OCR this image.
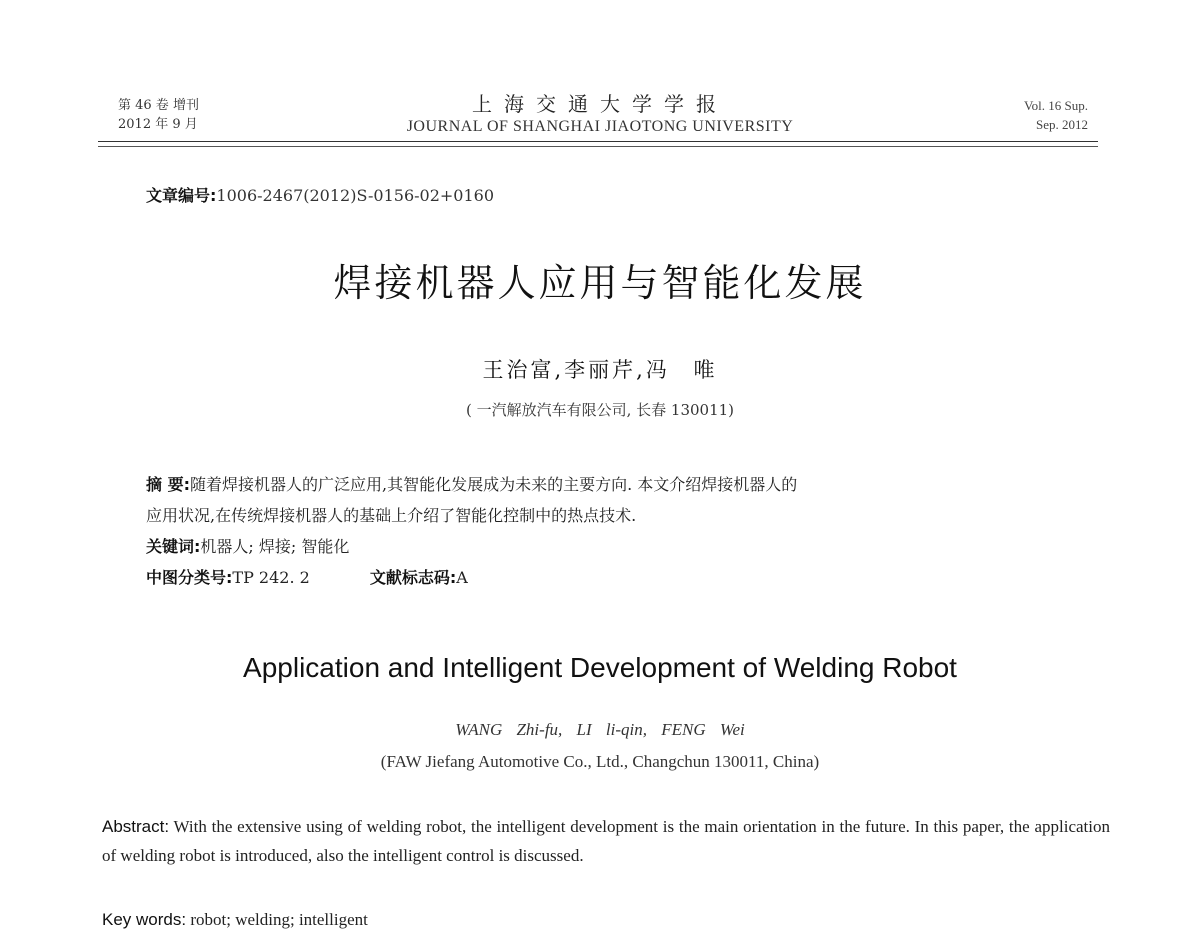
第 46 卷 增刊
2012 年 9 月
上海交通大学学报
JOURNAL OF SHANGHAI JIAOTONG UNIVERSITY
Vol. 16 Sup.
Sep. 2012
文章编号:1006-2467(2012)S-0156-02+0160
焊接机器人应用与智能化发展
王治富,李丽芹,冯 唯
( 一汽解放汽车有限公司, 长春 130011)
摘 要:随着焊接机器人的广泛应用,其智能化发展成为未来的主要方向. 本文介绍焊接机器人的
应用状况,在传统焊接机器人的基础上介绍了智能化控制中的热点技术.
关键词:机器人; 焊接; 智能化
中图分类号:TP 242. 2	文献标志码:A
Application and Intelligent Development of Welding Robot
WANG Zhi-fu, LI li-qin, FENG Wei
(FAW Jiefang Automotive Co., Ltd., Changchun 130011, China)
Abstract: With the extensive using of welding robot, the intelligent development is the main orientation in the future. In this paper, the application of welding robot is introduced, also the intelligent control is discussed.
Key words: robot; welding; intelligent
